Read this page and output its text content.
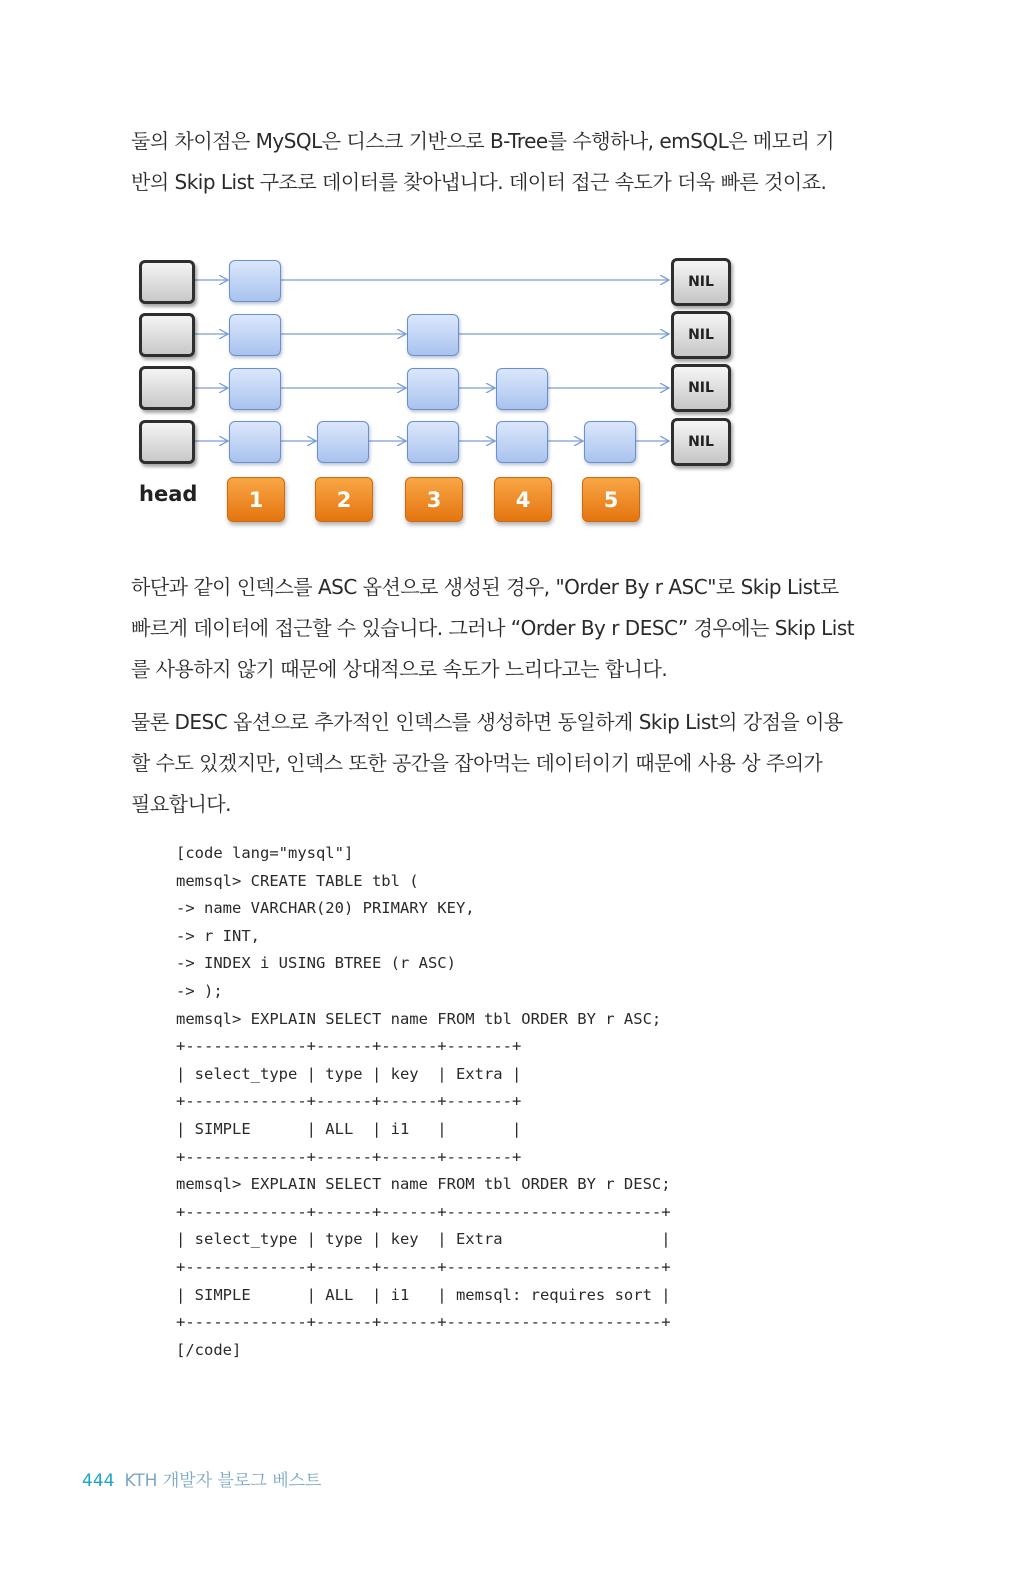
둘의 차이점은 MySQL은 디스크 기반으로 B-Tree를 수행하나, emSQL은 메모리 기
반의 Skip List 구조로 데이터를 찾아냅니다. 데이터 접근 속도가 더욱 빠른 것이죠.

NIL
NIL
NIL
NIL
head	1	2	3	4	5

하단과 같이 인덱스를 ASC 옵션으로 생성된 경우, "Order By r ASC"로 Skip List로
빠르게 데이터에 접근할 수 있습니다. 그러나 “Order By r DESC” 경우에는 Skip List
를 사용하지 않기 때문에 상대적으로 속도가 느리다고는 합니다.

물론 DESC 옵션으로 추가적인 인덱스를 생성하면 동일하게 Skip List의 강점을 이용
할 수도 있겠지만, 인덱스 또한 공간을 잡아먹는 데이터이기 때문에 사용 상 주의가
필요합니다.

[code lang="mysql"]
memsql> CREATE TABLE tbl (
-> name VARCHAR(20) PRIMARY KEY,
-> r INT,
-> INDEX i USING BTREE (r ASC)
-> );
memsql> EXPLAIN SELECT name FROM tbl ORDER BY r ASC;
+-------------+------+------+-------+
| select_type | type | key  | Extra |
+-------------+------+------+-------+
| SIMPLE      | ALL  | i1   |       |
+-------------+------+------+-------+
memsql> EXPLAIN SELECT name FROM tbl ORDER BY r DESC;
+-------------+------+------+-----------------------+
| select_type | type | key  | Extra                 |
+-------------+------+------+-----------------------+
| SIMPLE      | ALL  | i1   | memsql: requires sort |
+-------------+------+------+-----------------------+
[/code]
444 KTH 개발자 블로그 베스트
